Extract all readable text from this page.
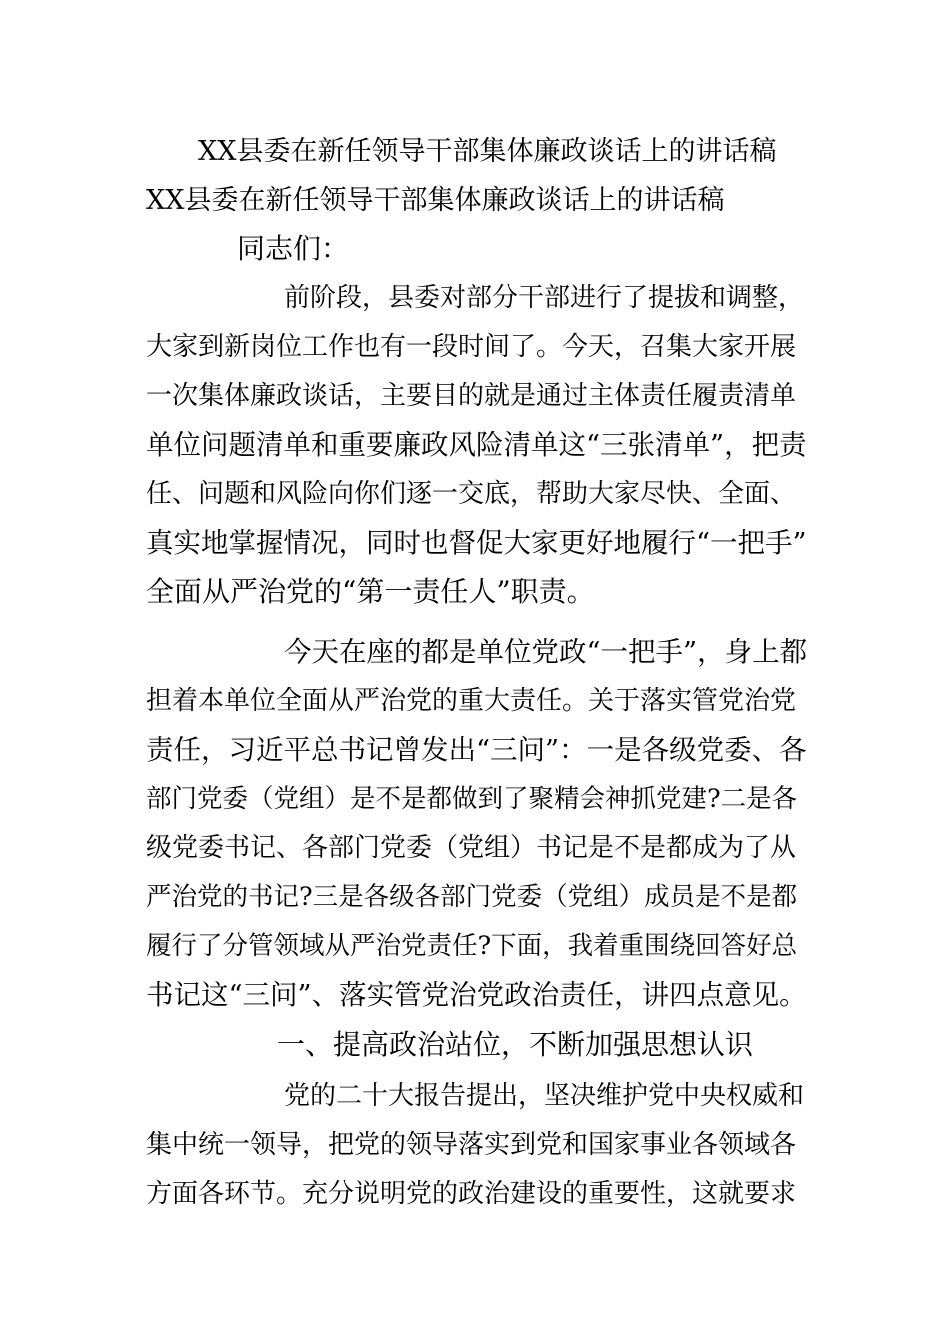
XX县委在新任领导干部集体廉政谈话上的讲话稿
XX县委在新任领导干部集体廉政谈话上的讲话稿
同志们：
前阶段，县委对部分干部进行了提拔和调整，
大家到新岗位工作也有一段时间了。今天，召集大家开展
一次集体廉政谈话，主要目的就是通过主体责任履责清单
单位问题清单和重要廉政风险清单这“三张清单”，把责
任、问题和风险向你们逐一交底，帮助大家尽快、全面、
真实地掌握情况，同时也督促大家更好地履行“一把手”
全面从严治党的“第一责任人”职责。
今天在座的都是单位党政“一把手”，身上都
担着本单位全面从严治党的重大责任。关于落实管党治党
责任，习近平总书记曾发出“三问”：一是各级党委、各
部门党委（党组）是不是都做到了聚精会神抓党建?二是各
级党委书记、各部门党委（党组）书记是不是都成为了从
严治党的书记?三是各级各部门党委（党组）成员是不是都
履行了分管领域从严治党责任?下面，我着重围绕回答好总
书记这“三问”、落实管党治党政治责任，讲四点意见。
一、提高政治站位，不断加强思想认识
党的二十大报告提出，坚决维护党中央权威和
集中统一领导，把党的领导落实到党和国家事业各领域各
方面各环节。充分说明党的政治建设的重要性，这就要求
